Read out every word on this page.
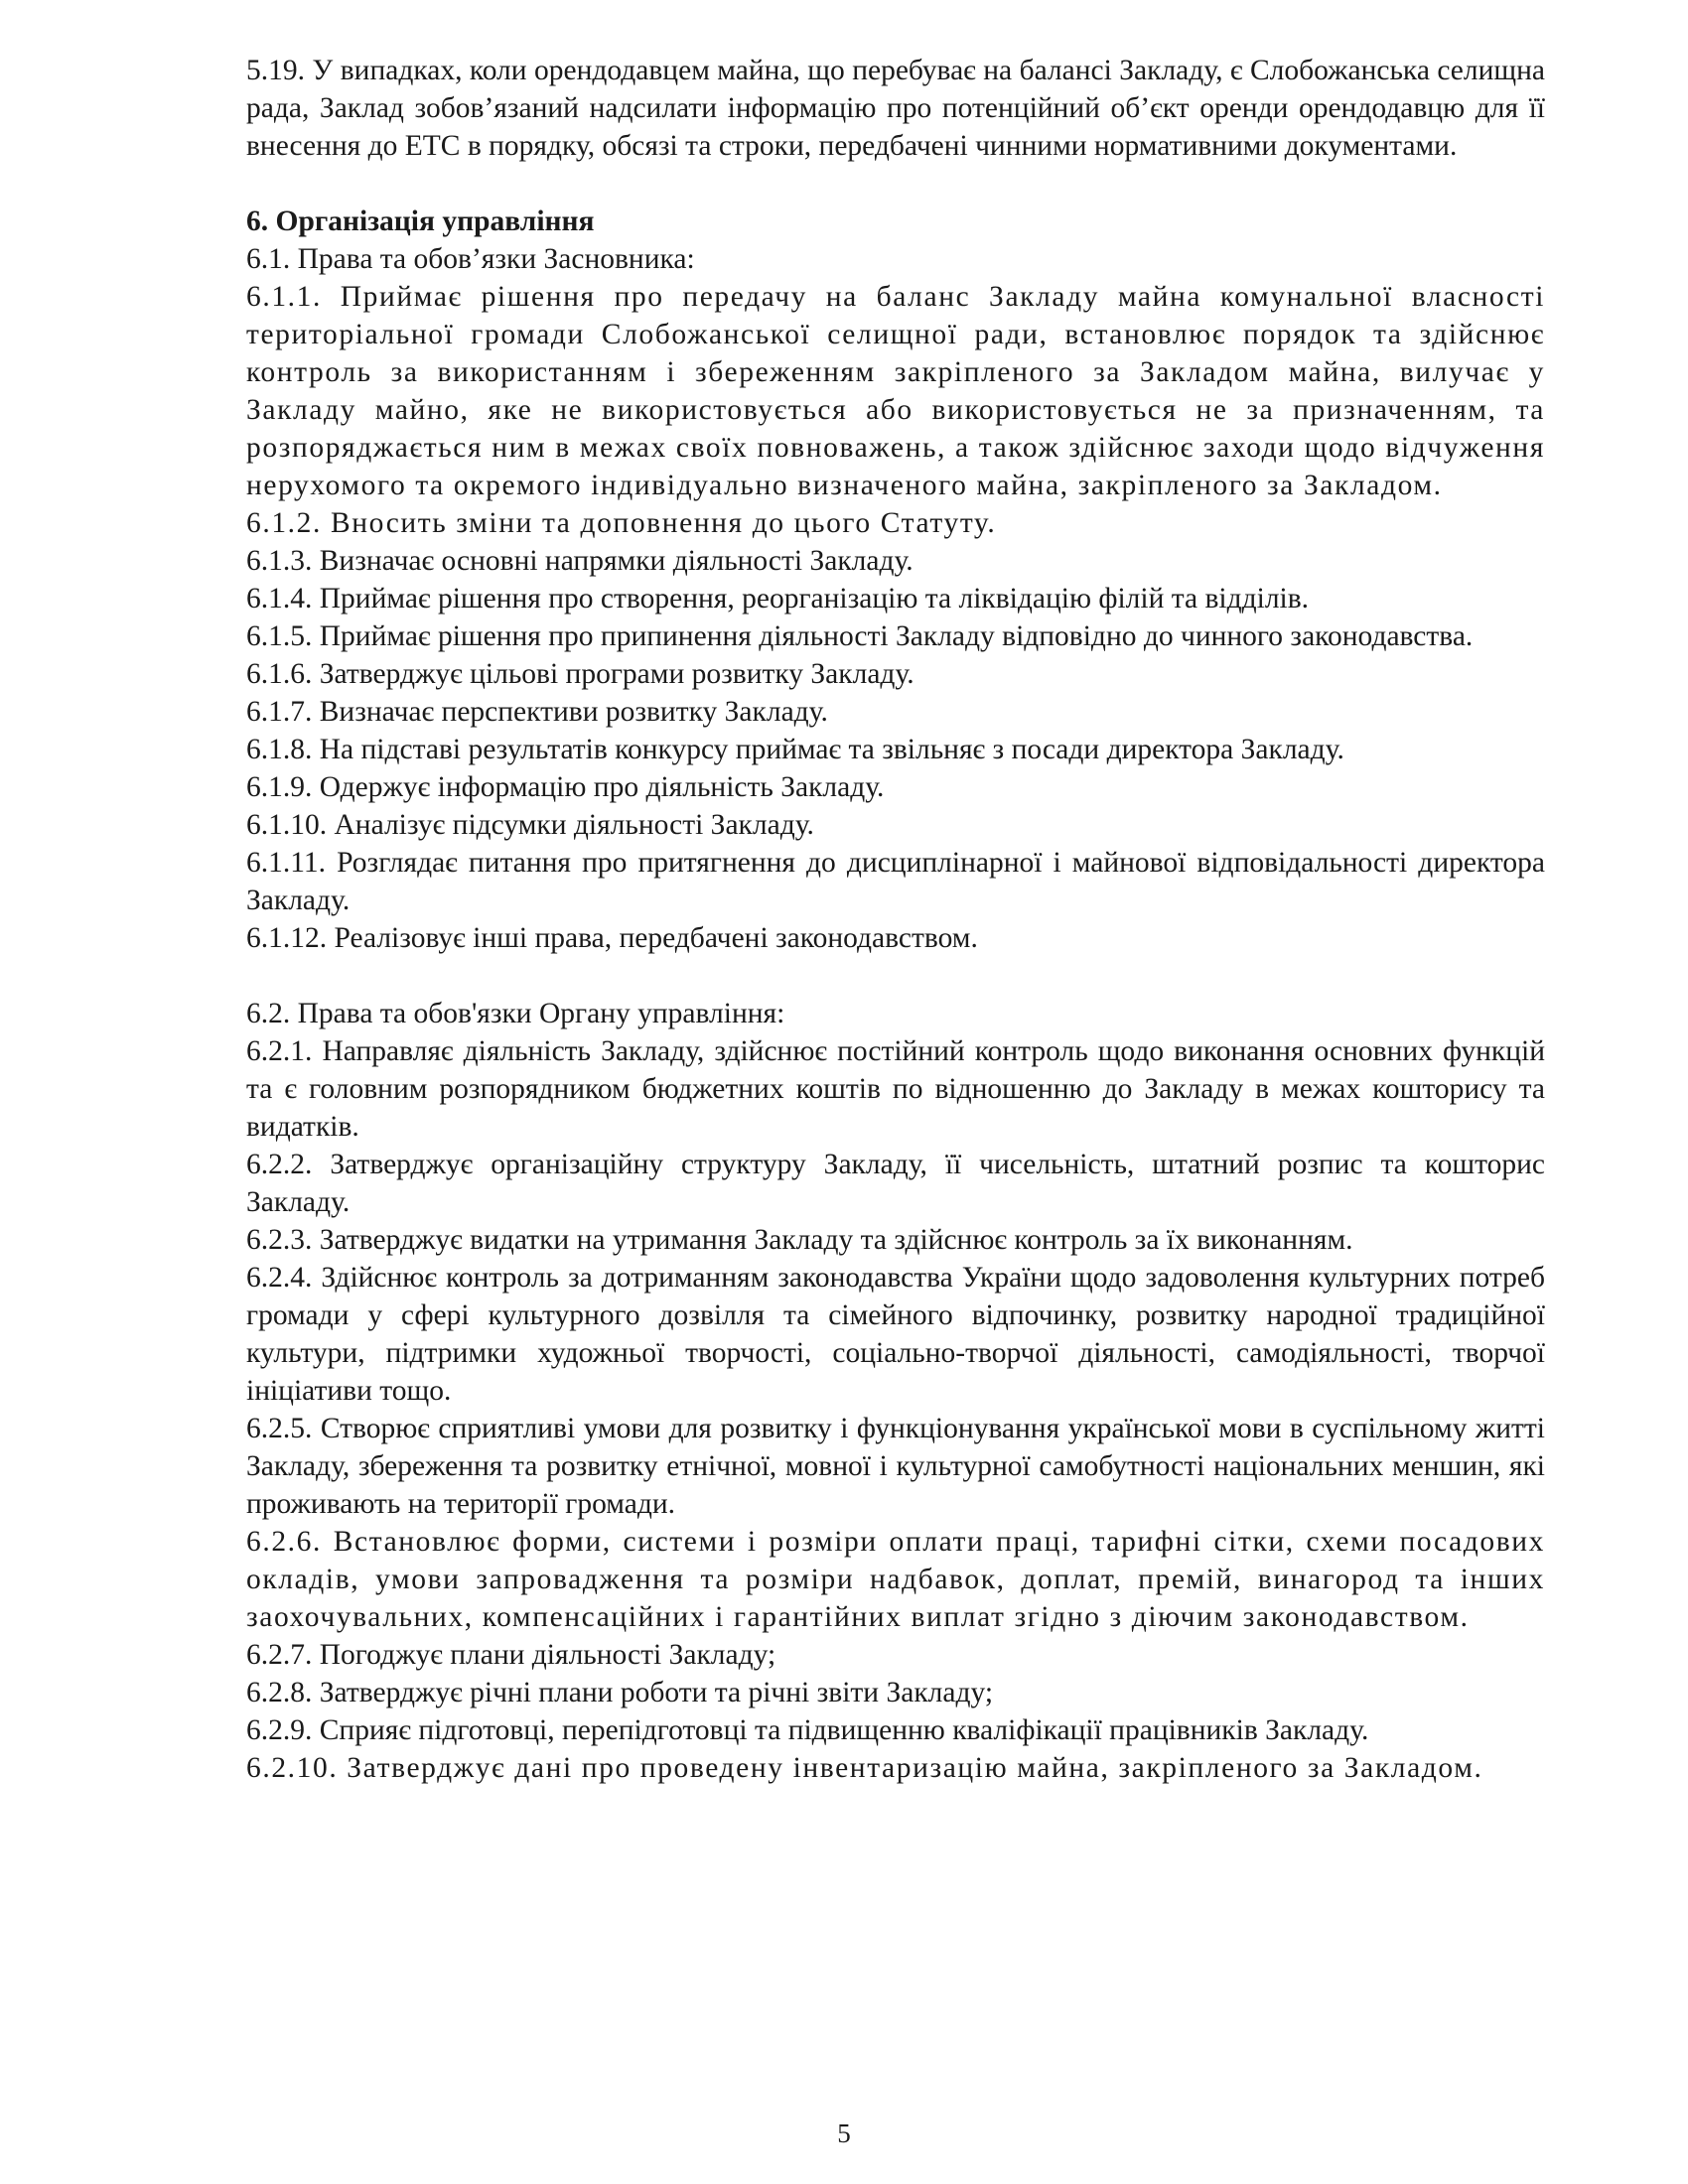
5.19. У випадках, коли орендодавцем майна, що перебуває на балансі Закладу, є Слобожанська селищна рада, Заклад зобов’язаний надсилати інформацію про потенційний об’єкт оренди орендодавцю для її внесення до ЕТС в порядку, обсязі та строки, передбачені чинними нормативними документами.

6. Організація управління

6.1. Права та обов’язки Засновника:

6.1.1. Приймає рішення про передачу на баланс Закладу майна комунальної власності територіальної громади Слобожанської селищної ради, встановлює порядок та здійснює контроль за використанням і збереженням закріпленого за Закладом майна, вилучає у Закладу майно, яке не використовується або використовується не за призначенням, та розпоряджається ним в межах своїх повноважень, а також здійснює заходи щодо відчуження нерухомого та окремого індивідуально визначеного майна, закріпленого за Закладом.

6.1.2. Вносить зміни та доповнення до цього Статуту.

6.1.3. Визначає основні напрямки діяльності Закладу.

6.1.4. Приймає рішення про створення, реорганізацію та ліквідацію філій та відділів.

6.1.5. Приймає рішення про припинення діяльності Закладу відповідно до чинного законодавства.

6.1.6. Затверджує цільові програми розвитку Закладу.

6.1.7. Визначає перспективи розвитку Закладу.

6.1.8. На підставі результатів конкурсу приймає та звільняє з посади директора Закладу.

6.1.9. Одержує інформацію про діяльність Закладу.

6.1.10. Аналізує підсумки діяльності Закладу.

6.1.11. Розглядає питання про притягнення до дисциплінарної і майнової відповідальності директора Закладу.

6.1.12. Реалізовує інші права, передбачені законодавством.

6.2. Права та обов'язки Органу управління:

6.2.1. Направляє діяльність Закладу, здійснює постійний контроль щодо виконання основних функцій та є головним розпорядником бюджетних коштів по відношенню до Закладу в межах кошторису та видатків.

6.2.2. Затверджує організаційну структуру Закладу, її чисельність, штатний розпис та кошторис Закладу.

6.2.3. Затверджує видатки на утримання Закладу та здійснює контроль за їх виконанням.

6.2.4. Здійснює контроль за дотриманням законодавства України щодо задоволення культурних потреб громади у сфері культурного дозвілля та сімейного відпочинку, розвитку народної традиційної культури, підтримки художньої творчості, соціально-творчої діяльності, самодіяльності, творчої ініціативи тощо.

6.2.5. Створює сприятливі умови для розвитку і функціонування української мови в суспільному житті Закладу, збереження та розвитку етнічної, мовної і культурної самобутності національних меншин, які проживають на території громади.

6.2.6. Встановлює форми, системи і розміри оплати праці, тарифні сітки, схеми посадових окладів, умови запровадження та розміри надбавок, доплат, премій, винагород та інших заохочувальних, компенсаційних і гарантійних виплат згідно з діючим законодавством.

6.2.7. Погоджує плани діяльності Закладу;

6.2.8. Затверджує річні плани роботи та річні звіти Закладу;

6.2.9. Сприяє підготовці, перепідготовці та підвищенню кваліфікації працівників Закладу.

6.2.10. Затверджує дані про проведену інвентаризацію майна, закріпленого за Закладом.

5
